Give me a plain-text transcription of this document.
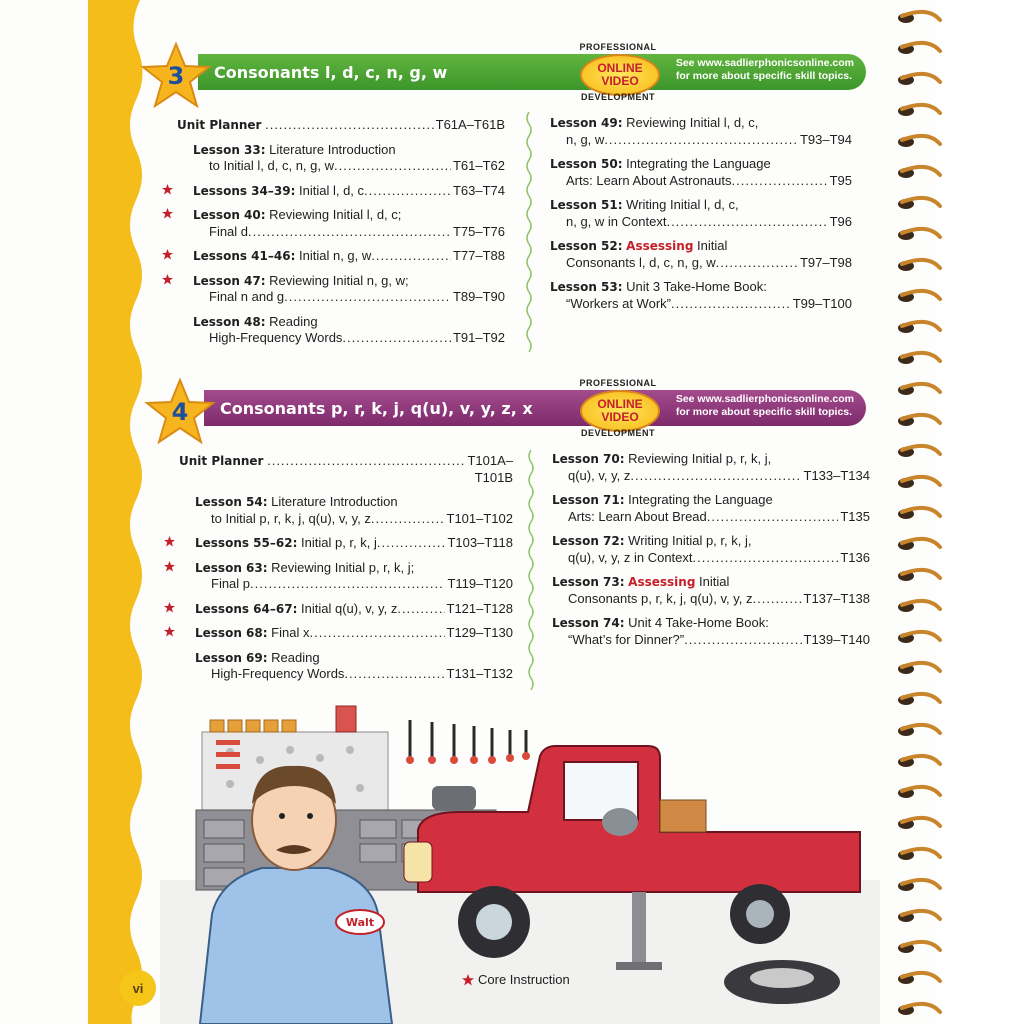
Consonants l, d, c, n, g, w	See www.sadlierphonicsonline.com
for more about specific skill topics.
3
PROFESSIONAL
ONLINE
VIDEO
DEVELOPMENT
Unit Planner
.....	T61A–T61B
Lesson 33:
Literature Introduction
to Initial l, d, c, n, g, w .....	T61–T62
Lessons 34–39:
Initial l, d, c .....	T63–T74
Lesson 40:
Reviewing Initial l, d, c;
Final d .....	T75–T76
Lessons 41–46:
Initial n, g, w .....	T77–T88
Lesson 47:
Reviewing Initial n, g, w;
Final n and g .....	T89–T90
Lesson 48:
Reading
High-Frequency Words .....	T91–T92
Lesson 49:
Reviewing Initial l, d, c,
n, g, w .....	T93–T94
Lesson 50:
Integrating the Language
Arts: Learn About Astronauts .....	T95
Lesson 51:
Writing Initial l, d, c,
n, g, w in Context .....	T96
Lesson 52:
Assessing
Initial
Consonants l, d, c, n, g, w .....	T97–T98
Lesson 53:
Unit 3 Take-Home Book:
“Workers at Work” .....	T99–T100
Consonants p, r, k, j, q(u), v, y, z, x	See www.sadlierphonicsonline.com
for more about specific skill topics.
4
PROFESSIONAL
ONLINE
VIDEO
DEVELOPMENT
Unit Planner
.....	T101A–
T101B
Lesson 54:
Literature Introduction
to Initial p, r, k, j, q(u), v, y, z .....	T101–T102
Lessons 55–62:
Initial p, r, k, j .....	T103–T118
Lesson 63:
Reviewing Initial p, r, k, j;
Final p .....	T119–T120
Lessons 64–67:
Initial q(u), v, y, z .....	T121–T128
Lesson 68:
Final x .....	T129–T130
Lesson 69:
Reading
High-Frequency Words .....	T131–T132
Lesson 70:
Reviewing Initial p, r, k, j,
q(u), v, y, z .....	T133–T134
Lesson 71:
Integrating the Language
Arts: Learn About Bread .....	T135
Lesson 72:
Writing Initial p, r, k, j,
q(u), v, y, z in Context .....	T136
Lesson 73:
Assessing
Initial
Consonants p, r, k, j, q(u), v, y, z .....	T137–T138
Lesson 74:
Unit 4 Take-Home Book:
“What’s for Dinner?” .....	T139–T140
Walt
Core Instruction
vi
